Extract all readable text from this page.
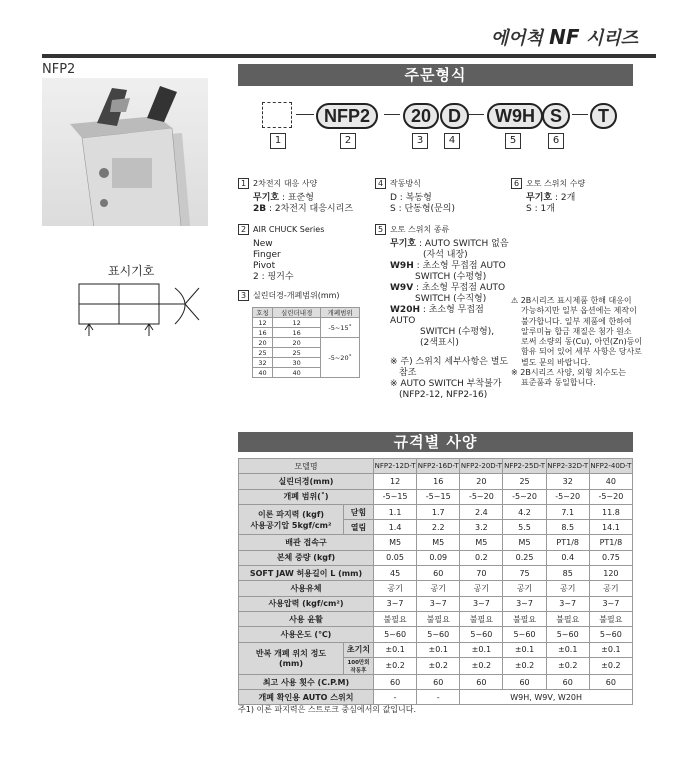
에어척 NF 시리즈
NFP2
표시기호
주문형식
NFP2	20 D	W9H S	T
1	2	3	4	5	6
1 2차전지 대응 사양
무기호 : 표준형
2B : 2차전지 대응시리즈
2 AIR CHUCK Series
New
Finger
Pivot
2 : 핑거수
3 실린더경-개폐범위(mm)
호칭	실린더내경	개폐범위
12	12	-5~15˚
16	16	
20	20	-5~20˚
25	25	
32	30	
40	40	
4 작동방식
D : 복동형
S : 단동형(문의)
5 오토 스위치 종류
무기호 : AUTO SWITCH 없음
(자석 내장)
W9H : 초소형 무접점 AUTO
SWITCH (수평형)
W9V : 초소형 무접점 AUTO
SWITCH (수직형)
W20H : 초소형 무접점 AUTO
SWITCH (수평형),
(2색표시)
※ 주) 스위치 세부사항은 별도
참조
※ AUTO SWITCH 부착불가
(NFP2-12, NFP2-16)
6 오토 스위치 수량
무기호 : 2개
S : 1개
⚠ 2B시리즈 표시제품 한해 대응이
가능하지만 일부 옵션에는 제작이
불가합니다. 일부 제품에 한하여
알루미늄 합금 재질은 첨가 원소
로써 소량의 동(Cu), 아연(Zn)등이
함유 되어 있어 세부 사항은 당사로
별도 문의 바랍니다.
※ 2B시리즈 사양, 외형 치수도는
표준품과 동일합니다.
규격별 사양
모델명		NFP2-12D-T	NFP2-16D-T	NFP2-20D-T	NFP2-25D-T	NFP2-32D-T	NFP2-40D-T
실린더경(mm)		12	16	20	25	32	40
개폐 범위(˚)		-5~15	-5~15	-5~20	-5~20	-5~20	-5~20

이론 파지력 (kgf)
사용공기압 5kgf/cm²	닫힘	1.1	1.7	2.4	4.2	7.1	11.8
	열림	1.4	2.2	3.2	5.5	8.5	14.1
배관 접속구		M5	M5	M5	M5	PT1/8	PT1/8
본체 중량 (kgf)		0.05	0.09	0.2	0.25	0.4	0.75
SOFT JAW 허용길이 L (mm)		45	60	70	75	85	120
사용유체		공기	공기	공기	공기	공기	공기
사용압력 (kgf/cm²)		3~7	3~7	3~7	3~7	3~7	3~7
사용 윤활		불필요	불필요	불필요	불필요	불필요	불필요
사용온도 (℃)		5~60	5~60	5~60	5~60	5~60	5~60

반복 개폐 위치 정도
(mm)	초기치	±0.1	±0.1	±0.1	±0.1	±0.1	±0.1
	100만회 작동후	±0.2	±0.2	±0.2	±0.2	±0.2	±0.2
최고 사용 횟수 (C.P.M)		60	60	60	60	60	60
개폐 확인용 AUTO 스위치		-	-	W9H, W9V, W20H			
주1) 이론 파지력은 스트로크 중심에서의 값입니다.
